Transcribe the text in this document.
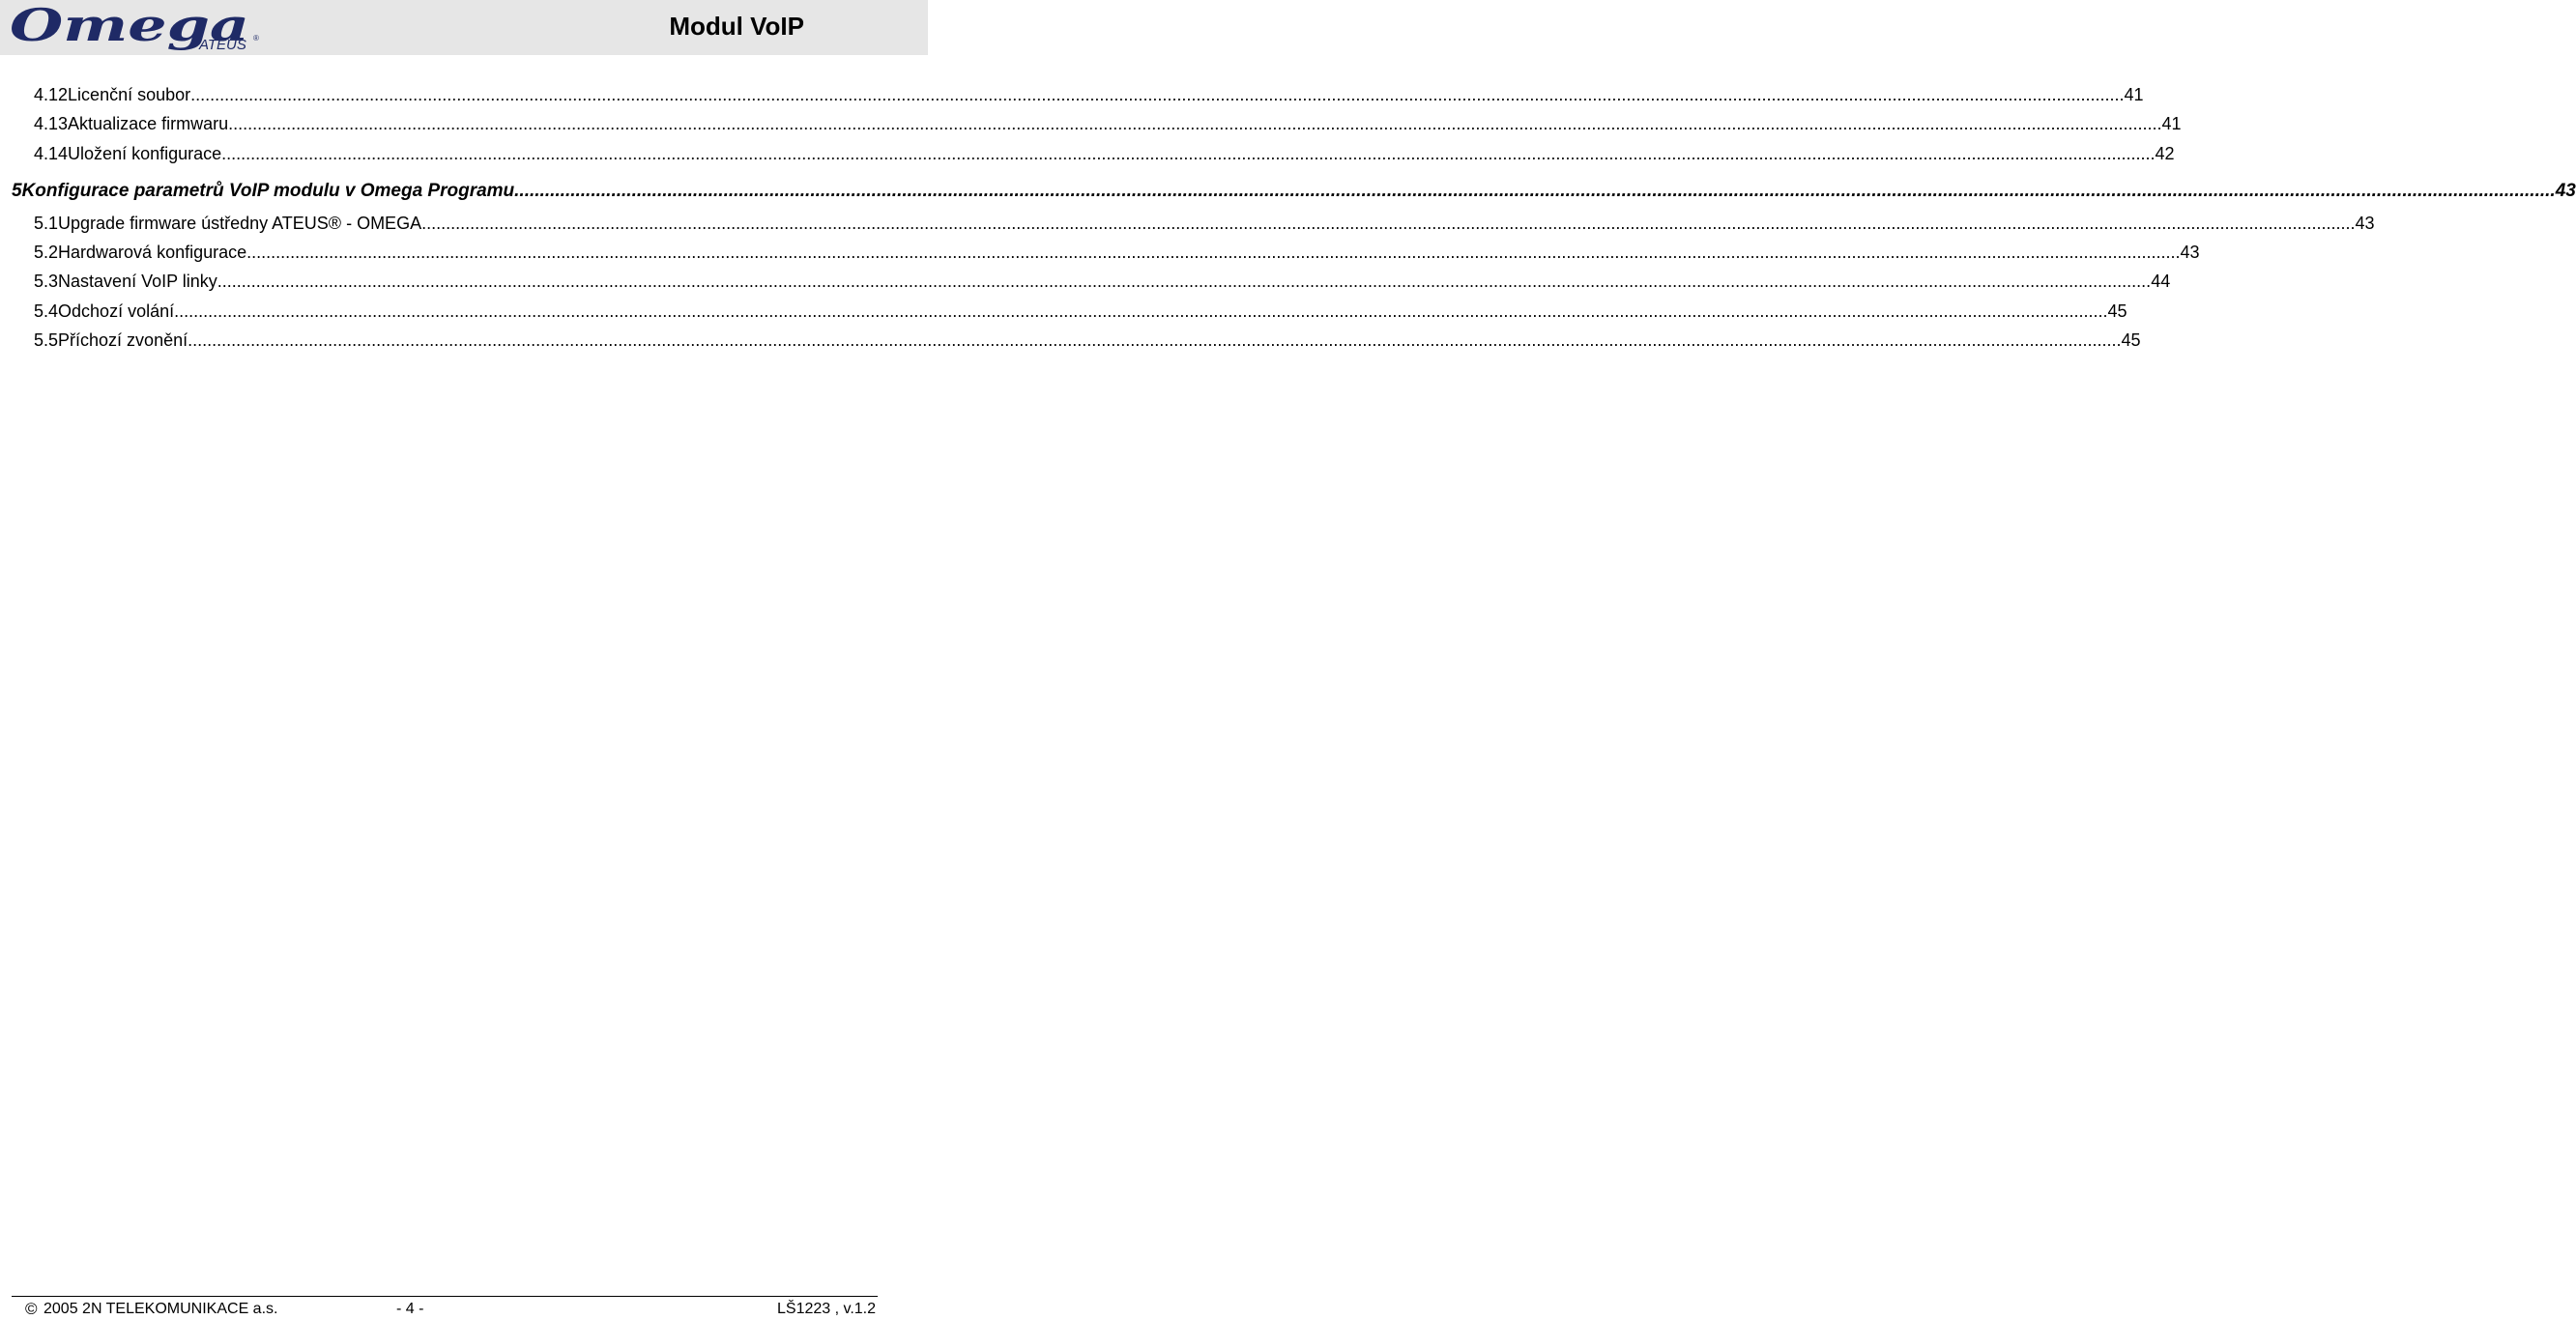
Omega
ATEUS ®	Modul VoIP
4.12 Licenční soubor ................................................................................................................................................................................................................................................................................................................................................................................................................ 41
4.13 Aktualizace firmwaru ................................................................................................................................................................................................................................................................................................................................................................................................................ 41
4.14 Uložení konfigurace ................................................................................................................................................................................................................................................................................................................................................................................................................ 42
5 Konfigurace parametrů VoIP modulu v Omega Programu ................................................................................................................................................................................................................................................................................................................................................................................................................ 43
5.1 Upgrade firmware ústředny ATEUS® - OMEGA ................................................................................................................................................................................................................................................................................................................................................................................................................ 43
5.2 Hardwarová konfigurace ................................................................................................................................................................................................................................................................................................................................................................................................................ 43
5.3 Nastavení VoIP linky ................................................................................................................................................................................................................................................................................................................................................................................................................ 44
5.4 Odchozí volání ................................................................................................................................................................................................................................................................................................................................................................................................................ 45
5.5 Příchozí zvonění ................................................................................................................................................................................................................................................................................................................................................................................................................ 45
© 2005 2N TELEKOMUNIKACE a.s.	- 4 -	LŠ1223 , v.1.2
